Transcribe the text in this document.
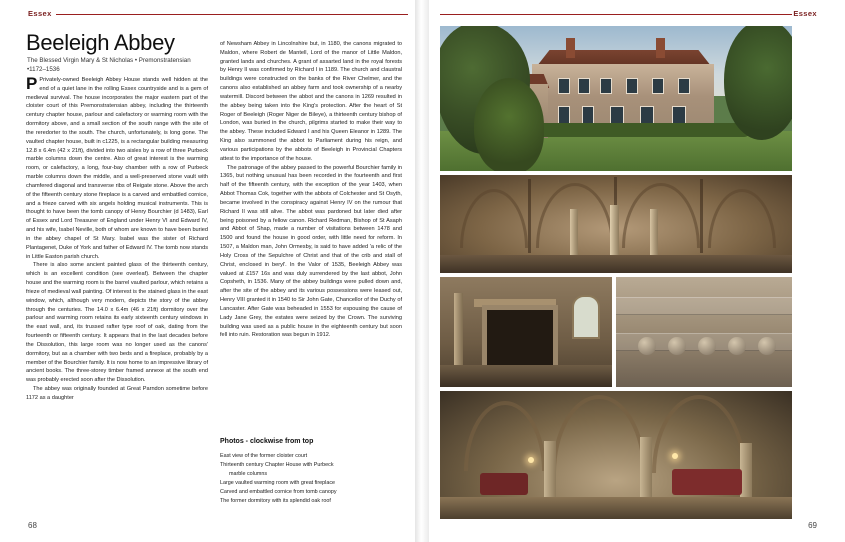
Essex	Essex
Beeleigh Abbey
The Blessed Virgin Mary & St Nicholas • Premonstratensian
•1172–1536

P Privately-owned Beeleigh Abbey House stands well hidden at the end of a quiet lane in the rolling Essex countryside and is a gem of medieval survival. The house incorporates the major eastern part of the cloister court of this Premonstratensian abbey, including the thirteenth century chapter house, parlour and calefactory or warming room with the dormitory above, and a small section of the south range with the site of the reredorter to the south. The church, unfortunately, is long gone. The vaulted chapter house, built in c1225, is a rectangular building measuring 12.8 x 6.4m (42 x 21ft), divided into two aisles by a row of three Purbeck marble columns down the centre. Also of great interest is the warming room, or calefactory, a long, four-bay chamber with a row of Purbeck marble columns down the middle, and a well-preserved stone vault with chamfered diagonal and transverse ribs of Reigate stone. Above the arch of the fifteenth century stone fireplace is a carved and embattled cornice, and a frieze carved with six angels holding musical instruments. This is thought to have been the tomb canopy of Henry Bourchier (d 1483), Earl of Essex and Lord Treasurer of England under Henry VI and Edward IV, and his wife, Isabel Neville, both of whom are known to have been buried in the abbey chapel of St Mary. Isabel was the sister of Richard Plantagenet, Duke of York and father of Edward IV. The tomb now stands in Little Easton parish church.

There is also some ancient painted glass of the thirteenth century, which is an excellent condition (see overleaf). Between the chapter house and the warming room is the barrel vaulted parlour, which retains a frieze of medieval wall painting. Of interest is the stained glass in the east window, which, although very modern, depicts the story of the abbey through the centuries. The 14.0 x 6.4m (46 x 21ft) dormitory over the parlour and warming room retains its early sixteenth century windows in the east wall, and, its trussed rafter type roof of oak, dating from the fourteenth or fifteenth century. It appears that in the last decades before the Dissolution, this large room was no longer used as the canons' dormitory, but as a chamber with two beds and a fireplace, probably by a member of the Bourchier family. It is now home to an impressive library of ancient books. The three-storey timber framed annexe at the south end was probably erected soon after the Dissolution.

The abbey was originally founded at Great Parndon sometime before 1172 as a daughter

of Newsham Abbey in Lincolnshire but, in 1180, the canons migrated to Maldon, where Robert de Mantell, Lord of the manor of Little Maldon, granted lands and churches. A grant of assarted land in the royal forests by Henry II was confirmed by Richard I in 1189. The church and claustral buildings were constructed on the banks of the River Chelmer, and the canons also established an abbey farm and took ownership of a nearby watermill. Discord between the abbot and the canons in 1269 resulted in the abbey being taken into the King's protection. After the heart of St Roger of Beeleigh (Roger Niger de Bileye), a thirteenth century bishop of London, was buried in the church, pilgrims started to make their way to the abbey. These included Edward I and his Queen Eleanor in 1289. The King also summoned the abbot to Parliament during his reign, and various participations by the abbots of Beeleigh in Provincial Chapters attest to the importance of the house.

The patronage of the abbey passed to the powerful Bourchier family in 1365, but nothing unusual has been recorded in the fourteenth and first half of the fifteenth century, with the exception of the year 1403, when Abbot Thomas Cok, together with the abbots of Colchester and St Osyth, became involved in the conspiracy against Henry IV on the rumour that Richard II was still alive. The abbot was pardoned but later died after being poisoned by a fellow canon. Richard Redman, Bishop of St Asaph and Abbot of Shap, made a number of visitations between 1478 and 1500 and found the house in good order, with little need for reform. In 1507, a Maldon man, John Ormesby, is said to have added 'a relic of the Holy Cross of the Sepulchre of Christ and that of the crib and stall of Christ, enclosed in beryl'. In the Valor of 1535, Beeleigh Abbey was valued at £157 16s and was duly surrendered by the last abbot, John Copsheth, in 1536. Many of the abbey buildings were pulled down and, after the site of the abbey and its various possessions were leased out, Henry VIII granted it in 1540 to Sir John Gate, Chancellor of the Duchy of Lancaster. After Gate was beheaded in 1553 for espousing the cause of Lady Jane Grey, the estates were seized by the Crown. The surviving building was used as a public house in the eighteenth century but soon fell into ruin. Restoration was begun in 1912.

Photos - clockwise from top
East view of the former cloister court
Thirteenth century Chapter House with Purbeck
marble columns
Large vaulted warming room with great fireplace
Carved and embattled cornice from tomb canopy
The former dormitory with its splendid oak roof
68	69
